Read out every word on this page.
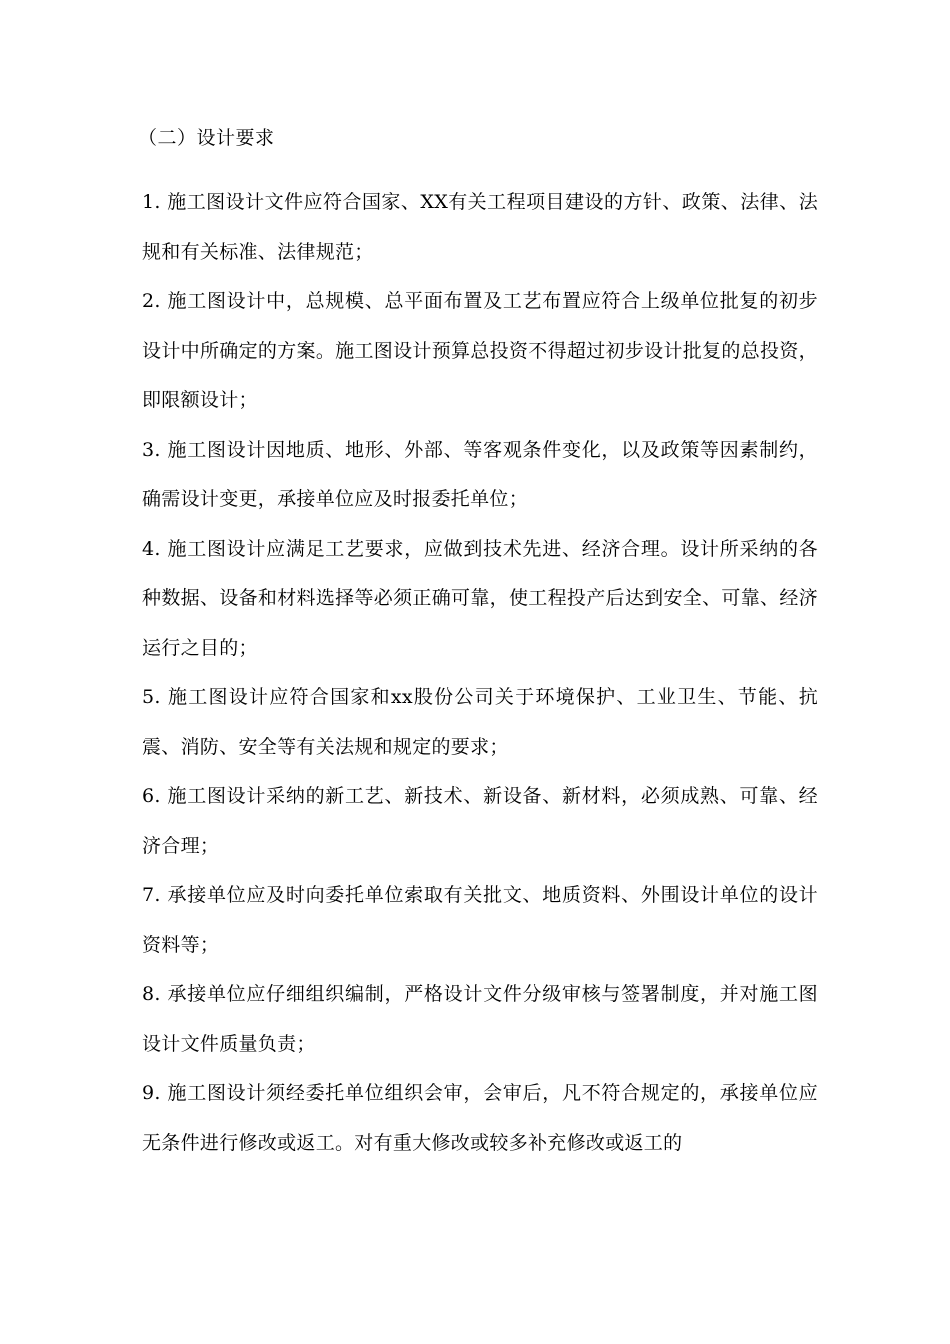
（二）设计要求

1. 施工图设计文件应符合国家、XX有关工程项目建设的方针、政策、法律、法规和有关标准、法律规范；

2. 施工图设计中，总规模、总平面布置及工艺布置应符合上级单位批复的初步设计中所确定的方案。施工图设计预算总投资不得超过初步设计批复的总投资，即限额设计；

3. 施工图设计因地质、地形、外部、等客观条件变化，以及政策等因素制约，确需设计变更，承接单位应及时报委托单位；

4. 施工图设计应满足工艺要求，应做到技术先进、经济合理。设计所采纳的各种数据、设备和材料选择等必须正确可靠，使工程投产后达到安全、可靠、经济运行之目的；

5. 施工图设计应符合国家和xx股份公司关于环境保护、工业卫生、节能、抗震、消防、安全等有关法规和规定的要求；

6. 施工图设计采纳的新工艺、新技术、新设备、新材料，必须成熟、可靠、经济合理；

7. 承接单位应及时向委托单位索取有关批文、地质资料、外围设计单位的设计资料等；

8. 承接单位应仔细组织编制，严格设计文件分级审核与签署制度，并对施工图设计文件质量负责；

9. 施工图设计须经委托单位组织会审，会审后，凡不符合规定的，承接单位应无条件进行修改或返工。对有重大修改或较多补充修改或返工的
